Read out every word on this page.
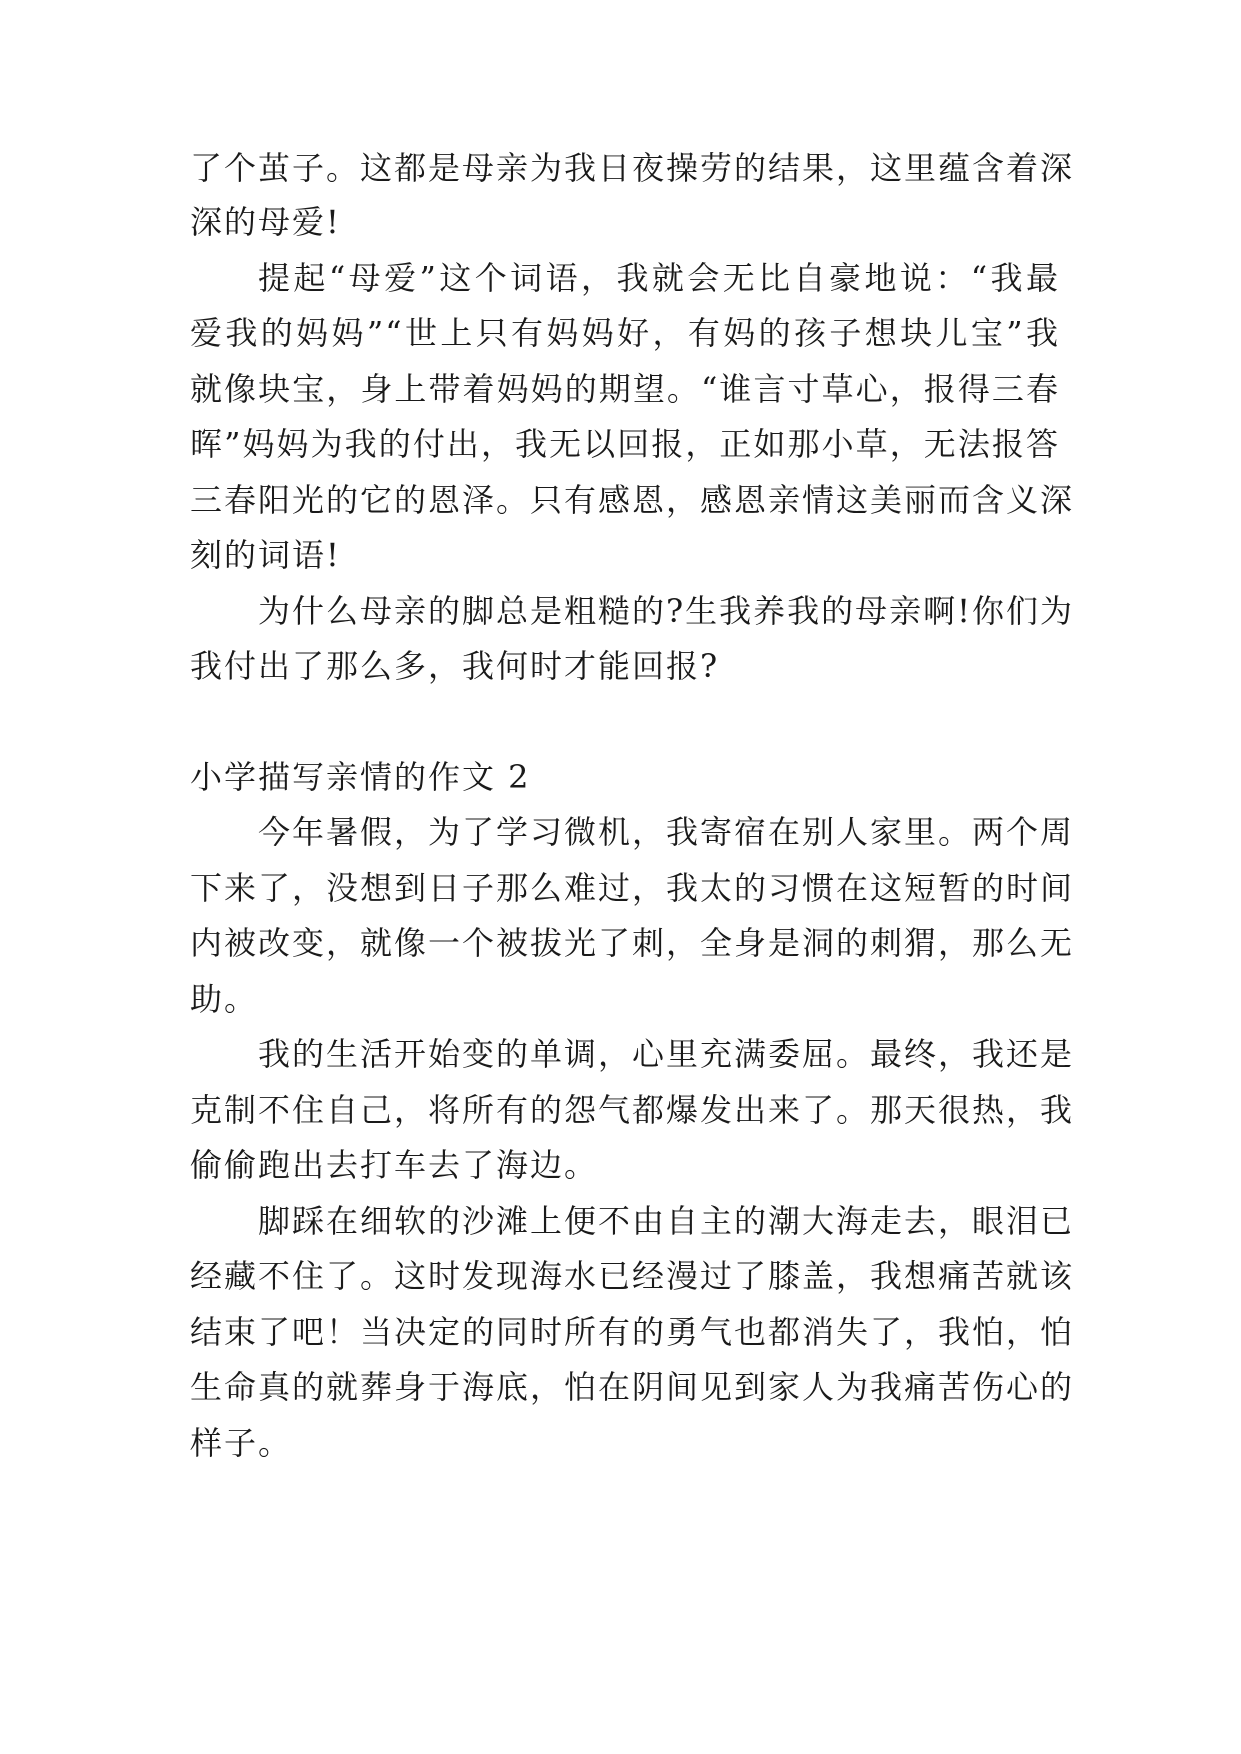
了个茧子。这都是母亲为我日夜操劳的结果，这里蕴含着深
深的母爱!
提起“母爱”这个词语，我就会无比自豪地说：“我最
爱我的妈妈”“世上只有妈妈好，有妈的孩子想块儿宝”我
就像块宝，身上带着妈妈的期望。“谁言寸草心，报得三春
晖”妈妈为我的付出，我无以回报，正如那小草，无法报答
三春阳光的它的恩泽。只有感恩，感恩亲情这美丽而含义深
刻的词语!
为什么母亲的脚总是粗糙的?生我养我的母亲啊!你们为
我付出了那么多，我何时才能回报?
小学描写亲情的作文 2
今年暑假，为了学习微机，我寄宿在别人家里。两个周
下来了，没想到日子那么难过，我太的习惯在这短暂的时间
内被改变，就像一个被拔光了刺，全身是洞的刺猬，那么无
助。
我的生活开始变的单调，心里充满委屈。最终，我还是
克制不住自己，将所有的怨气都爆发出来了。那天很热，我
偷偷跑出去打车去了海边。
脚踩在细软的沙滩上便不由自主的潮大海走去，眼泪已
经藏不住了。这时发现海水已经漫过了膝盖，我想痛苦就该
结束了吧！当决定的同时所有的勇气也都消失了，我怕，怕
生命真的就葬身于海底，怕在阴间见到家人为我痛苦伤心的
样子。
